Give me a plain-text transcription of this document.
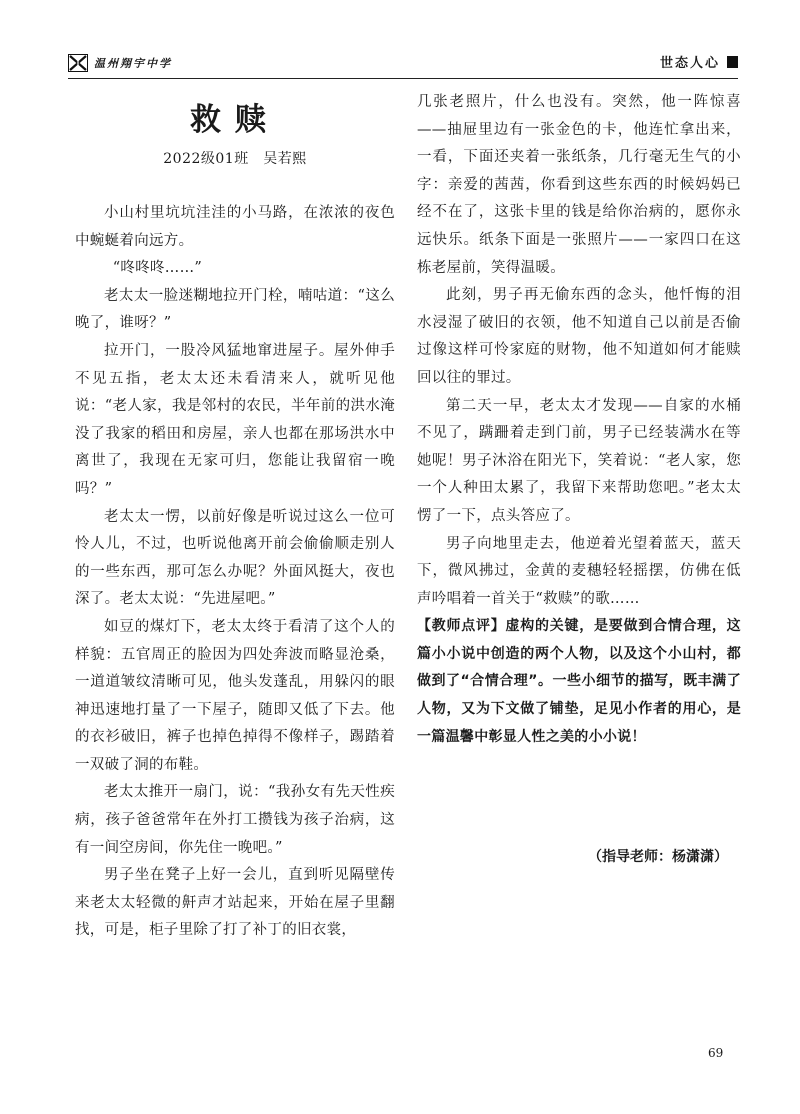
温州翔宇中学	世态人心
救赎
2022级01班　吴若熙

小山村里坑坑洼洼的小马路，在浓浓的夜色中蜿蜒着向远方。

“咚咚咚……”

老太太一脸迷糊地拉开门栓，喃咕道：“这么晚了，谁呀？”

拉开门，一股冷风猛地窜进屋子。屋外伸手不见五指，老太太还未看清来人，就听见他说：“老人家，我是邻村的农民，半年前的洪水淹没了我家的稻田和房屋，亲人也都在那场洪水中离世了，我现在无家可归，您能让我留宿一晚吗？”

老太太一愣，以前好像是听说过这么一位可怜人儿，不过，也听说他离开前会偷偷顺走别人的一些东西，那可怎么办呢？外面风挺大，夜也深了。老太太说：“先进屋吧。”

如豆的煤灯下，老太太终于看清了这个人的样貌：五官周正的脸因为四处奔波而略显沧桑，一道道皱纹清晰可见，他头发蓬乱，用躲闪的眼神迅速地打量了一下屋子，随即又低了下去。他的衣衫破旧，裤子也掉色掉得不像样子，踢踏着一双破了洞的布鞋。

老太太推开一扇门，说：“我孙女有先天性疾病，孩子爸爸常年在外打工攒钱为孩子治病，这有一间空房间，你先住一晚吧。”

男子坐在凳子上好一会儿，直到听见隔壁传来老太太轻微的鼾声才站起来，开始在屋子里翻找，可是，柜子里除了打了补丁的旧衣裳，

几张老照片，什么也没有。突然，他一阵惊喜——抽屉里边有一张金色的卡，他连忙拿出来，一看，下面还夹着一张纸条，几行毫无生气的小字：亲爱的茜茜，你看到这些东西的时候妈妈已经不在了，这张卡里的钱是给你治病的，愿你永远快乐。纸条下面是一张照片——一家四口在这栋老屋前，笑得温暖。

此刻，男子再无偷东西的念头，他忏悔的泪水浸湿了破旧的衣领，他不知道自己以前是否偷过像这样可怜家庭的财物，他不知道如何才能赎回以往的罪过。

第二天一早，老太太才发现——自家的水桶不见了，蹒跚着走到门前，男子已经装满水在等她呢！男子沐浴在阳光下，笑着说：“老人家，您一个人种田太累了，我留下来帮助您吧。”老太太愣了一下，点头答应了。

男子向地里走去，他逆着光望着蓝天，蓝天下，微风拂过，金黄的麦穗轻轻摇摆，仿佛在低声吟唱着一首关于“救赎”的歌……

【教师点评】虚构的关键，是要做到合情合理，这篇小小说中创造的两个人物，以及这个小山村，都做到了“合情合理”。一些小细节的描写，既丰满了人物，又为下文做了铺垫，足见小作者的用心，是一篇温馨中彰显人性之美的小小说！

（指导老师：杨潇潇）
69
